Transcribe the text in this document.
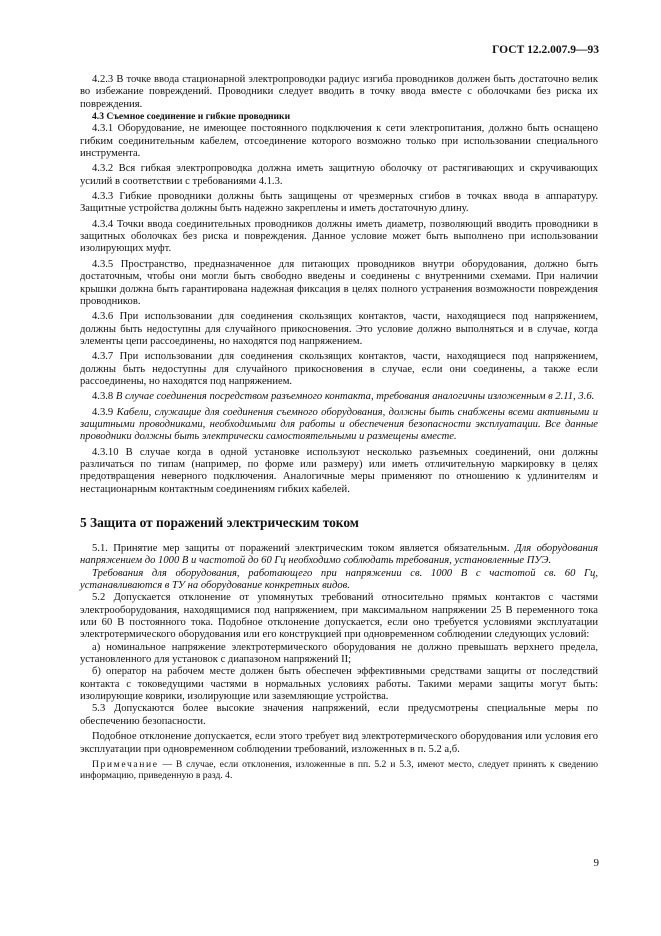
ГОСТ 12.2.007.9—93

4.2.3 В точке ввода стационарной электропроводки радиус изгиба проводников должен быть достаточно велик во избежание повреждений. Проводники следует вводить в точку ввода вместе с оболочками без риска их повреждения.

4.3 Съемное соединение и гибкие проводники

4.3.1 Оборудование, не имеющее постоянного подключения к сети электропитания, должно быть оснащено гибким соединительным кабелем, отсоединение которого возможно только при использовании специального инструмента.

4.3.2 Вся гибкая электропроводка должна иметь защитную оболочку от растягивающих и скручивающих усилий в соответствии с требованиями 4.1.3.

4.3.3 Гибкие проводники должны быть защищены от чрезмерных сгибов в точках ввода в аппаратуру. Защитные устройства должны быть надежно закреплены и иметь достаточную длину.

4.3.4 Точки ввода соединительных проводников должны иметь диаметр, позволяющий вводить проводники в защитных оболочках без риска и повреждения. Данное условие может быть выполнено при использовании изолирующих муфт.

4.3.5 Пространство, предназначенное для питающих проводников внутри оборудования, должно быть достаточным, чтобы они могли быть свободно введены и соединены с внутренними схемами. При наличии крышки должна быть гарантирована надежная фиксация в целях полного устранения возможности повреждения проводников.

4.3.6 При использовании для соединения скользящих контактов, части, находящиеся под напряжением, должны быть недоступны для случайного прикосновения. Это условие должно выполняться и в случае, когда элементы цепи рассоединены, но находятся под напряжением.

4.3.7 При использовании для соединения скользящих контактов, части, находящиеся под напряжением, должны быть недоступны для случайного прикосновения в случае, если они соединены, а также если рассоединены, но находятся под напряжением.

4.3.8 В случае соединения посредством разъемного контакта, требования аналогичны изложенным в 2.11, 3.6.

4.3.9 Кабели, служащие для соединения съемного оборудования, должны быть снабжены всеми активными и защитными проводниками, необходимыми для работы и обеспечения безопасности эксплуатации. Все данные проводники должны быть электрически самостоятельными и размещены вместе.

4.3.10 В случае когда в одной установке используют несколько разъемных соединений, они должны различаться по типам (например, по форме или размеру) или иметь отличительную маркировку в целях предотвращения неверного подключения. Аналогичные меры применяют по отношению к удлинителям и нестационарным контактным соединениям гибких кабелей.

5 Защита от поражений электрическим током

5.1. Принятие мер защиты от поражений электрическим током является обязательным. Для оборудования напряжением до 1000 В и частотой до 60 Гц необходимо соблюдать требования, установленные ПУЭ.

Требования для оборудования, работающего при напряжении св. 1000 В с частотой св. 60 Гц, устанавливаются в ТУ на оборудование конкретных видов.

5.2 Допускается отклонение от упомянутых требований относительно прямых контактов с частями электрооборудования, находящимися под напряжением, при максимальном напряжении 25 В переменного тока или 60 В постоянного тока. Подобное отклонение допускается, если оно требуется условиями эксплуатации электротермического оборудования или его конструкцией при одновременном соблюдении следующих условий:

а) номинальное напряжение электротермического оборудования не должно превышать верхнего предела, установленного для установок с диапазоном напряжений II;

б) оператор на рабочем месте должен быть обеспечен эффективными средствами защиты от последствий контакта с токоведущими частями в нормальных условиях работы. Такими мерами защиты могут быть: изолирующие коврики, изолирующие или заземляющие устройства.

5.3 Допускаются более высокие значения напряжений, если предусмотрены специальные меры по обеспечению безопасности.

Подобное отклонение допускается, если этого требует вид электротермического оборудования или условия его эксплуатации при одновременном соблюдении требований, изложенных в п. 5.2 а,б.

Примечание — В случае, если отклонения, изложенные в пп. 5.2 и 5.3, имеют место, следует принять к сведению информацию, приведенную в разд. 4.

9
